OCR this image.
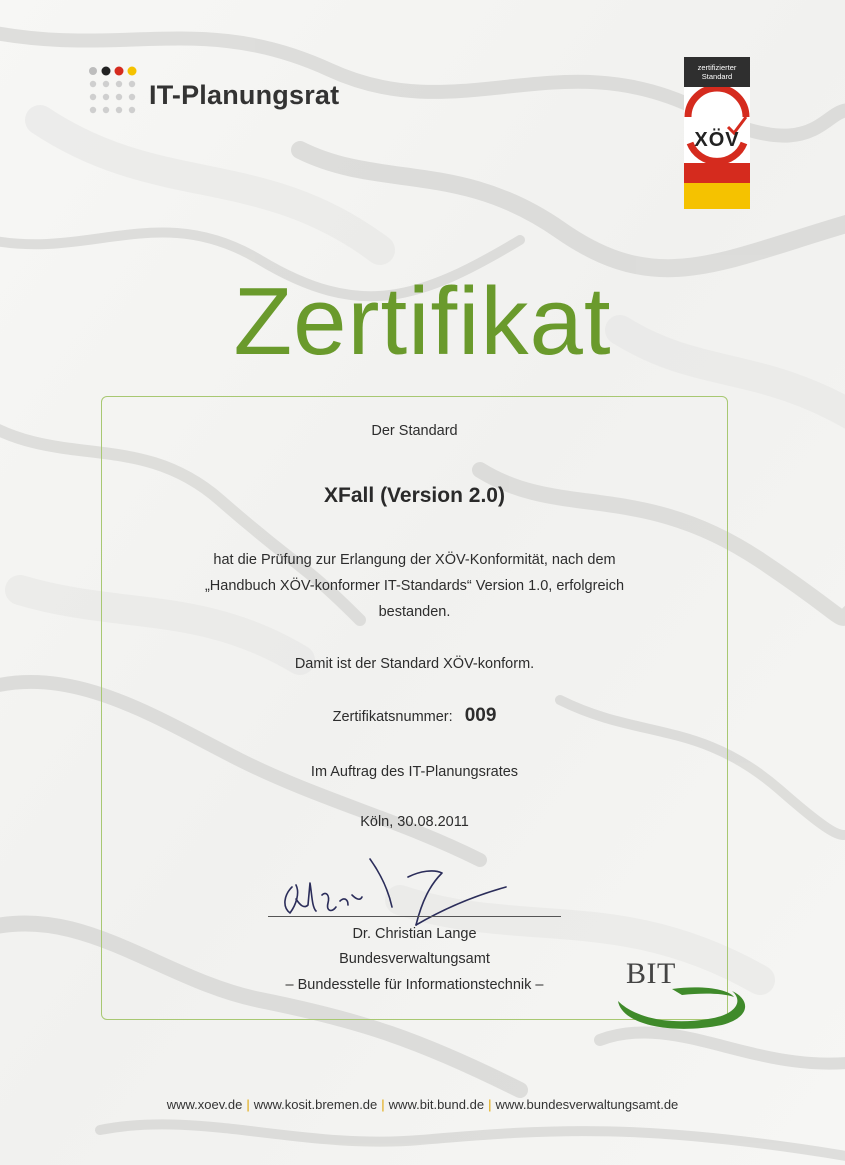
IT-Planungsrat
zertifizierter
Standard
XÖV
Zertifikat
Der Standard
XFall (Version 2.0)
hat die Prüfung zur Erlangung der XÖV-Konformität, nach dem
„Handbuch XÖV-konformer IT-Standards“ Version 1.0, erfolgreich
bestanden.
Damit ist der Standard XÖV-konform.
Zertifikatsnummer: 009
Im Auftrag des IT-Planungsrates
Köln, 30.08.2011
Dr. Christian Lange
Bundesverwaltungsamt
– Bundesstelle für Informationstechnik –	BIT
www.xoev.de | www.kosit.bremen.de | www.bit.bund.de | www.bundesverwaltungsamt.de
